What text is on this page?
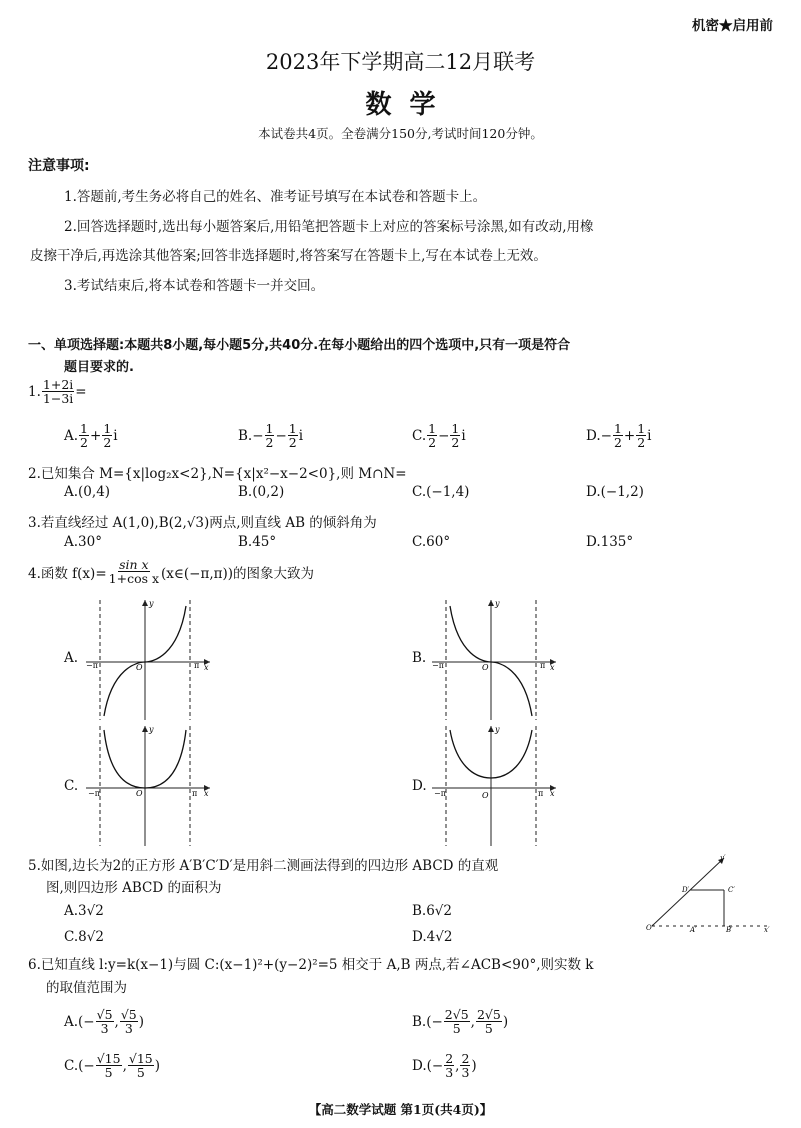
机密★启用前
2023年下学期高二12月联考
数  学
本试卷共4页。全卷满分150分,考试时间120分钟。
注意事项:
1.答题前,考生务必将自己的姓名、准考证号填写在本试卷和答题卡上。
2.回答选择题时,选出每小题答案后,用铅笔把答题卡上对应的答案标号涂黑,如有改动,用橡
皮擦干净后,再选涂其他答案;回答非选择题时,将答案写在答题卡上,写在本试卷上无效。
3.考试结束后,将本试卷和答题卡一并交回。
一、单项选择题:本题共8小题,每小题5分,共40分.在每小题给出的四个选项中,只有一项是符合
题目要求的.
1. $\frac{1+2i}{1-3i}$ =
A. $\frac{1}{2} + \frac{1}{2}$ i	$B.- \frac{1}{2} - \frac{1}{2}$ i	C. $\frac{1}{2} - \frac{1}{2}$ i	$D.- \frac{1}{2} + \frac{1}{2}$ i
2.已知集合 M={x|log₂x<2},N={x|x²−x−2<0},则 M∩N=
A.(0,4)	B.(0,2)	C.(−1,4)	D.(−1,2)
3.若直线经过 A(1,0),B(2,√3)两点,则直线 AB 的倾斜角为
A.30°	B.45°	C.60°	D.135°
4.函数 $f(x)= \frac{\text{sin x}}{\text{1+cos x}}$ (x∈(−π,π))的图象大致为
A. −π	O	π x
y
B. −π	O	π x
y
C. −π	O	π x
y
D. −π	O	π x
y
5.如图,边长为2的正方形 A′B′C′D′是用斜二测画法得到的四边形 ABCD 的直观
图,则四边形 ABCD 的面积为
A.3√2	B.6√2
C.8√2	D.4√2
y′
D′	C′
O′	A′	B′	x′
6.已知直线 l:y=k(x−1)与圆 C:(x−1)²+(y−2)²=5 相交于 A,B 两点,若∠ACB<90°,则实数 k
的取值范围为
$A.(- \frac{√5}{3}$ , $\frac{√5}{3}$ )	$B.(- \frac{2√5}{5}$ , $\frac{2√5}{5}$ )
$C.(- \frac{√15}{5}$ , $\frac{√15}{5}$ )	$D.(- \frac{2}{3}$ , $\frac{2}{3}$ )
【高二数学试题 第1页(共4页)】
